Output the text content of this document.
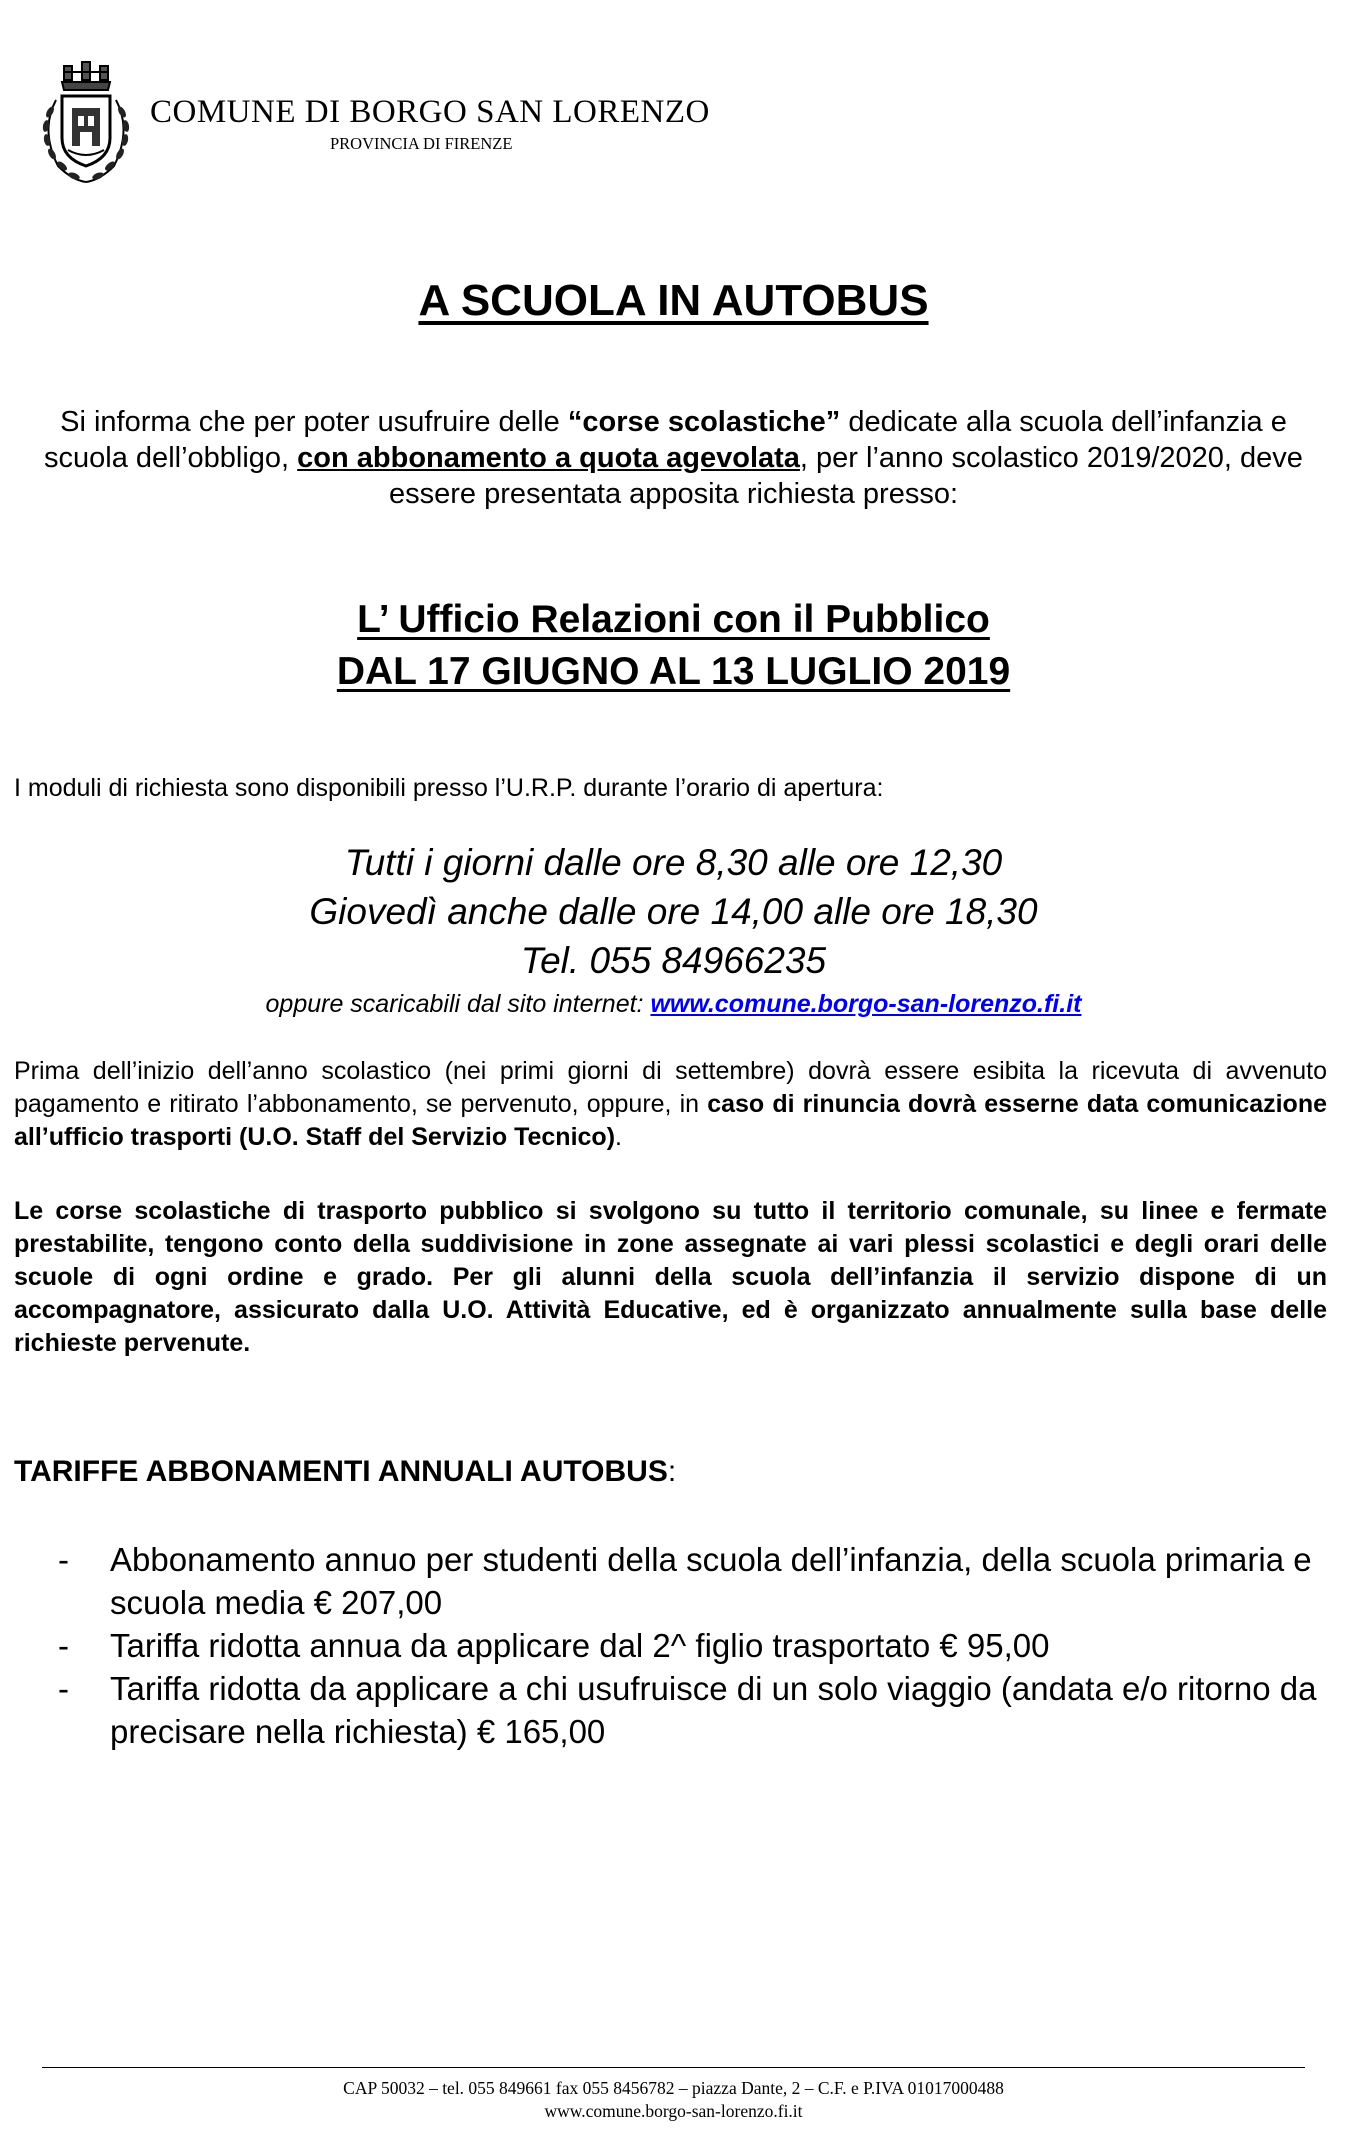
COMUNE DI BORGO SAN LORENZO
PROVINCIA DI FIRENZE
A SCUOLA IN AUTOBUS
Si informa che per poter usufruire delle “corse scolastiche” dedicate alla scuola dell’infanzia e scuola dell’obbligo, con abbonamento a quota agevolata, per l’anno scolastico 2019/2020, deve essere presentata apposita richiesta presso:
L’ Ufficio Relazioni con il Pubblico
DAL 17 GIUGNO AL 13 LUGLIO 2019
I moduli di richiesta sono disponibili presso l’U.R.P. durante l’orario di apertura:
Tutti i giorni dalle ore 8,30 alle ore 12,30
Giovedì anche dalle ore 14,00 alle ore 18,30
Tel. 055 84966235
oppure scaricabili dal sito internet: www.comune.borgo-san-lorenzo.fi.it
Prima dell’inizio dell’anno scolastico (nei primi giorni di settembre) dovrà essere esibita la ricevuta di avvenuto pagamento e ritirato l’abbonamento, se pervenuto, oppure, in caso di rinuncia dovrà esserne data comunicazione all’ufficio trasporti (U.O. Staff del Servizio Tecnico).
Le corse scolastiche di trasporto pubblico si svolgono su tutto il territorio comunale, su linee e fermate prestabilite, tengono conto della suddivisione in zone assegnate ai vari plessi scolastici e degli orari delle scuole di ogni ordine e grado. Per gli alunni della scuola dell’infanzia il servizio dispone di un accompagnatore, assicurato dalla U.O. Attività Educative, ed è organizzato annualmente sulla base delle richieste pervenute.
TARIFFE ABBONAMENTI ANNUALI AUTOBUS:
- Abbonamento annuo per studenti della scuola dell’infanzia, della scuola primaria e scuola media € 207,00
- Tariffa ridotta annua da applicare dal 2^ figlio trasportato € 95,00
- Tariffa ridotta da applicare a chi usufruisce di un solo viaggio (andata e/o ritorno da precisare nella richiesta) € 165,00
CAP 50032 – tel. 055 849661 fax 055 8456782 – piazza Dante, 2 – C.F. e P.IVA 01017000488
www.comune.borgo-san-lorenzo.fi.it
